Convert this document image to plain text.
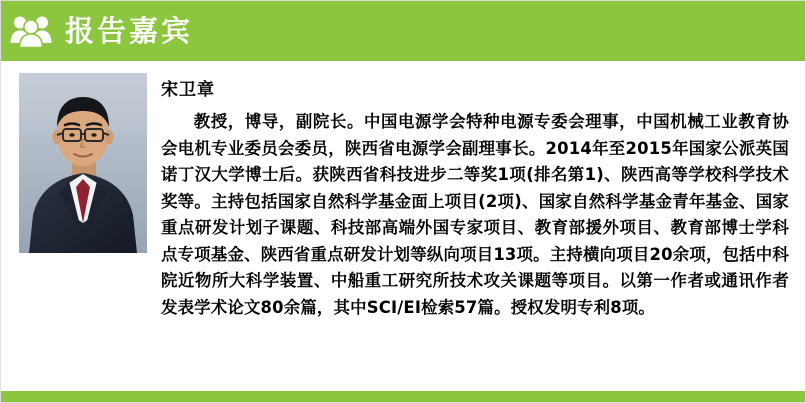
报告嘉宾
宋卫章
教授，博导，副院长。中国电源学会特种电源专委会理事，中国机械工业教育协会电机专业委员会委员，陕西省电源学会副理事长。2014年至2015年国家公派英国诺丁汉大学博士后。获陕西省科技进步二等奖1项(排名第1)、陕西高等学校科学技术奖等。主持包括国家自然科学基金面上项目(2项)、国家自然科学基金青年基金、国家重点研发计划子课题、科技部高端外国专家项目、教育部援外项目、教育部博士学科点专项基金、陕西省重点研发计划等纵向项目13项。主持横向项目20余项，包括中科院近物所大科学装置、中船重工研究所技术攻关课题等项目。以第一作者或通讯作者发表学术论文80余篇，其中SCI/EI检索57篇。授权发明专利8项。
